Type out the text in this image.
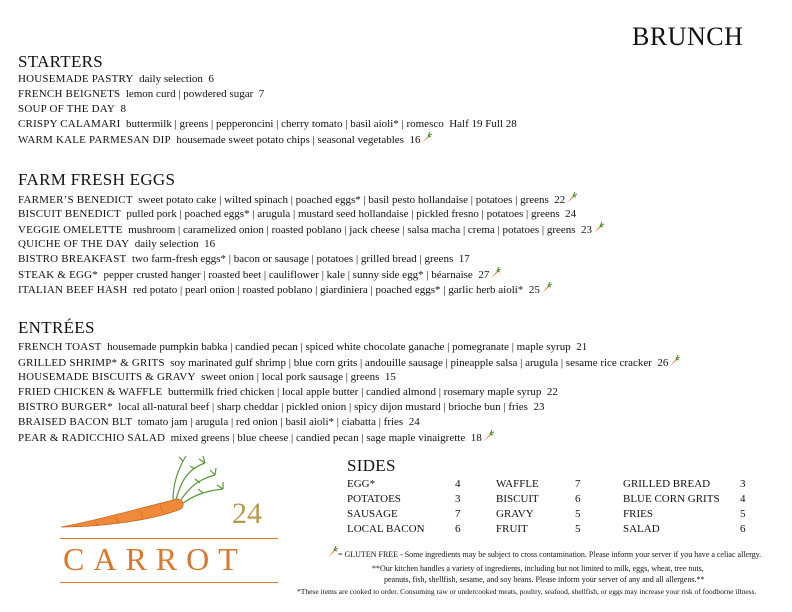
BRUNCH
STARTERS
HOUSEMADE PASTRY daily selection 6
FRENCH BEIGNETS lemon curd | powdered sugar 7
SOUP OF THE DAY 8
CRISPY CALAMARI buttermilk | greens | pepperoncini | cherry tomato | basil aioli* | romesco Half 19 Full 28
WARM KALE PARMESAN DIP housemade sweet potato chips | seasonal vegetables 16
FARM FRESH EGGS
FARMER’S BENEDICT sweet potato cake | wilted spinach | poached eggs* | basil pesto hollandaise | potatoes | greens 22
BISCUIT BENEDICT pulled pork | poached eggs* | arugula | mustard seed hollandaise | pickled fresno | potatoes | greens 24
VEGGIE OMELETTE mushroom | caramelized onion | roasted poblano | jack cheese | salsa macha | crema | potatoes | greens 23
QUICHE OF THE DAY daily selection 16
BISTRO BREAKFAST two farm-fresh eggs* | bacon or sausage | potatoes | grilled bread | greens 17
STEAK & EGG* pepper crusted hanger | roasted beet | cauliflower | kale | sunny side egg* | béarnaise 27
ITALIAN BEEF HASH red potato | pearl onion | roasted poblano | giardiniera | poached eggs* | garlic herb aioli* 25
ENTRÉES
FRENCH TOAST housemade pumpkin babka | candied pecan | spiced white chocolate ganache | pomegranate | maple syrup 21
GRILLED SHRIMP* & GRITS soy marinated gulf shrimp | blue corn grits | andouille sausage | pineapple salsa | arugula | sesame rice cracker 26
HOUSEMADE BISCUITS & GRAVY sweet onion | local pork sausage | greens 15
FRIED CHICKEN & WAFFLE buttermilk fried chicken | local apple butter | candied almond | rosemary maple syrup 22
BISTRO BURGER* local all-natural beef | sharp cheddar | pickled onion | spicy dijon mustard | brioche bun | fries 23
BRAISED BACON BLT tomato jam | arugula | red onion | basil aioli* | ciabatta | fries 24
PEAR & RADICCHIO SALAD mixed greens | blue cheese | candied pecan | sage maple vinaigrette 18
24
CARROT
SIDES
EGG*	4
POTATOES	3
SAUSAGE	7
LOCAL BACON	6
WAFFLE	7
BISCUIT	6
GRAVY	5
FRUIT	5
GRILLED BREAD	3
BLUE CORN GRITS 4
FRIES	5
SALAD	6
= GLUTEN FREE - Some ingredients may be subject to cross contamination. Please inform your server if you have a celiac allergy.
**Our kitchen handles a variety of ingredients, including but not limited to milk, eggs, wheat, tree nuts,
peanuts, fish, shellfish, sesame, and soy beans. Please inform your server of any and all allergens.**
*These items are cooked to order. Consuming raw or undercooked meats, poultry, seafood, shellfish, or eggs may increase your risk of foodborne illness.
